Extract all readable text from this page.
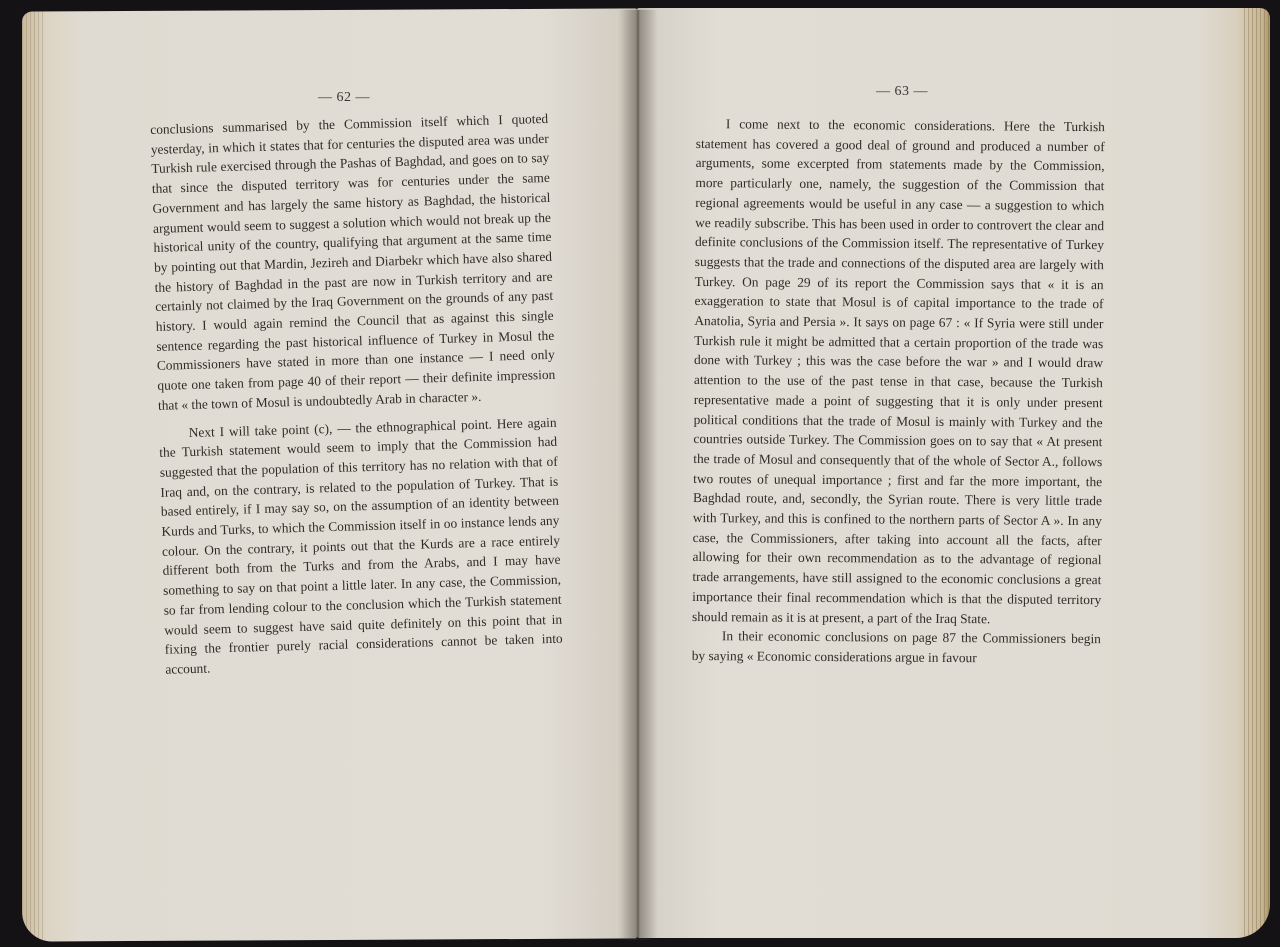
— 62 —

conclusions summarised by the Commission itself which I quoted yesterday, in which it states that for centuries the disputed area was under Turkish rule exercised through the Pashas of Baghdad, and goes on to say that since the disputed territory was for centuries under the same Government and has largely the same history as Baghdad, the historical argument would seem to suggest a solution which would not break up the historical unity of the country, qualifying that argument at the same time by pointing out that Mardin, Jezireh and Diarbekr which have also shared the history of Baghdad in the past are now in Turkish territory and are certainly not claimed by the Iraq Government on the grounds of any past history. I would again remind the Council that as against this single sentence regarding the past historical influence of Turkey in Mosul the Commissioners have stated in more than one instance — I need only quote one taken from page 40 of their report — their definite impression that « the town of Mosul is undoubtedly Arab in character ».

Next I will take point (c), — the ethnographical point. Here again the Turkish statement would seem to imply that the Commission had suggested that the population of this territory has no relation with that of Iraq and, on the contrary, is related to the population of Turkey. That is based entirely, if I may say so, on the assumption of an identity between Kurds and Turks, to which the Commission itself in oo instance lends any colour. On the contrary, it points out that the Kurds are a race entirely different both from the Turks and from the Arabs, and I may have something to say on that point a little later. In any case, the Commission, so far from lending colour to the conclusion which the Turkish statement would seem to suggest have said quite definitely on this point that in fixing the frontier purely racial considerations cannot be taken into account.

— 63 —

I come next to the economic considerations. Here the Turkish statement has covered a good deal of ground and produced a number of arguments, some excerpted from statements made by the Commission, more particularly one, namely, the suggestion of the Commission that regional agreements would be useful in any case — a suggestion to which we readily subscribe. This has been used in order to controvert the clear and definite conclusions of the Commission itself. The representative of Turkey suggests that the trade and connections of the disputed area are largely with Turkey. On page 29 of its report the Commission says that « it is an exaggeration to state that Mosul is of capital importance to the trade of Anatolia, Syria and Persia ». It says on page 67 : « If Syria were still under Turkish rule it might be admitted that a certain proportion of the trade was done with Turkey ; this was the case before the war » and I would draw attention to the use of the past tense in that case, because the Turkish representative made a point of suggesting that it is only under present political conditions that the trade of Mosul is mainly with Turkey and the countries outside Turkey. The Commission goes on to say that « At present the trade of Mosul and consequently that of the whole of Sector A., follows two routes of unequal importance ; first and far the more important, the Baghdad route, and, secondly, the Syrian route. There is very little trade with Turkey, and this is confined to the northern parts of Sector A ». In any case, the Commissioners, after taking into account all the facts, after allowing for their own recommendation as to the advantage of regional trade arrangements, have still assigned to the economic conclusions a great importance their final recommendation which is that the disputed territory should remain as it is at present, a part of the Iraq State.

In their economic conclusions on page 87 the Commissioners begin by saying « Economic considerations argue in favour
